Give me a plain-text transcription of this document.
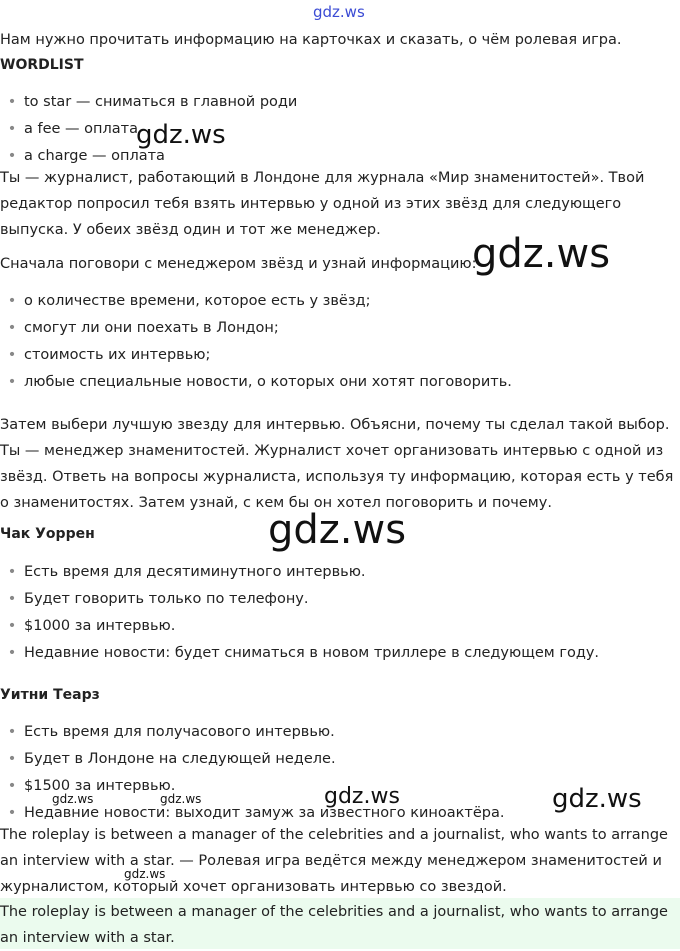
gdz.ws
Нам нужно прочитать информацию на карточках и сказать, о чём ролевая игра.
WORDLIST
• to star — сниматься в главной роди
• a fee — оплата
• a charge — оплата
Ты — журналист, работающий в Лондоне для журнала «Мир знаменитостей». Твой редактор попросил тебя взять интервью у одной из этих звёзд для следующего выпуска. У обеих звёзд один и тот же менеджер.
Сначала поговори с менеджером звёзд и узнай информацию:
• о количестве времени, которое есть у звёзд;
• смогут ли они поехать в Лондон;
• стоимость их интервью;
• любые специальные новости, о которых они хотят поговорить.
Затем выбери лучшую звезду для интервью. Объясни, почему ты сделал такой выбор. Ты — менеджер знаменитостей. Журналист хочет организовать интервью с одной из звёзд. Ответь на вопросы журналиста, используя ту информацию, которая есть у тебя о знаменитостях. Затем узнай, с кем бы он хотел поговорить и почему.
Чак Уоррен
• Есть время для десятиминутного интервью.
• Будет говорить только по телефону.
• $1000 за интервью.
• Недавние новости: будет сниматься в новом триллере в следующем году.
Уитни Теарз
• Есть время для получасового интервью.
• Будет в Лондоне на следующей неделе.
• $1500 за интервью.
• Недавние новости: выходит замуж за известного киноактёра.
The roleplay is between a manager of the celebrities and a journalist, who wants to arrange an interview with a star. — Ролевая игра ведётся между менеджером знаменитостей и журналистом, который хочет организовать интервью со звездой.
The roleplay is between a manager of the celebrities and a journalist, who wants to arrange an interview with a star.
gdz.ws
gdz.ws
gdz.ws
gdz.ws	gdz.ws
gdz.ws	gdz.ws
gdz.ws
